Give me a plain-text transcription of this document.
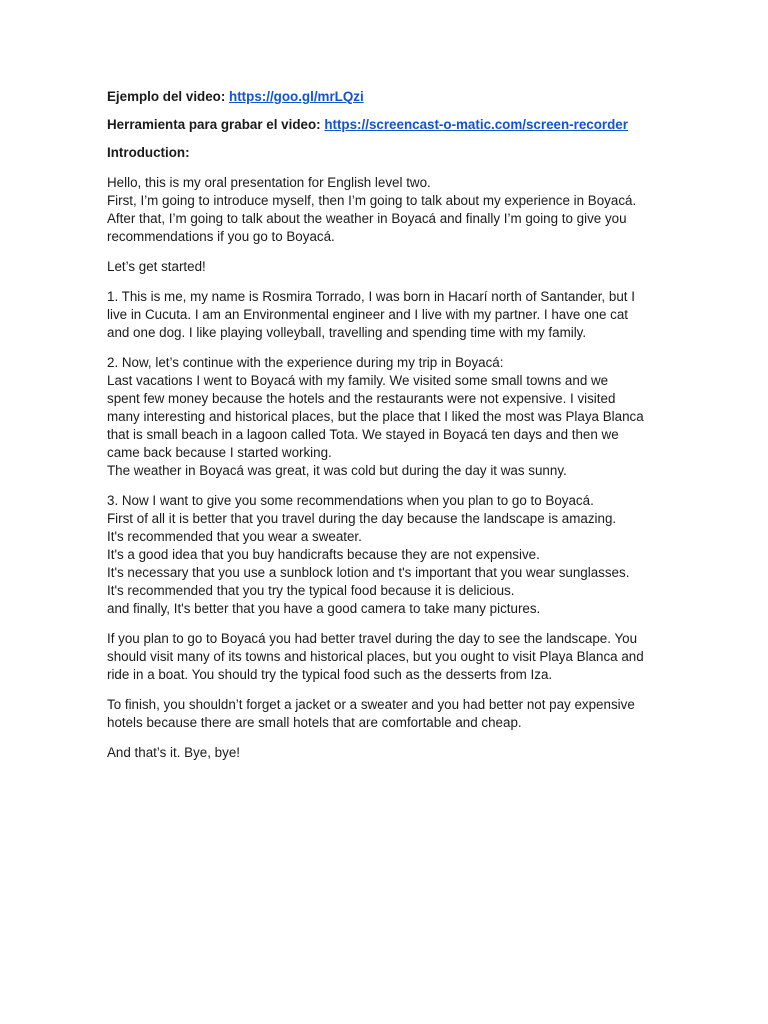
Ejemplo del video: https://goo.gl/mrLQzi
Herramienta para grabar el video: https://screencast-o-matic.com/screen-recorder
Introduction:
Hello, this is my oral presentation for English level two.
First, I’m going to introduce myself, then I’m going to talk about my experience in Boyacá.
After that, I’m going to talk about the weather in Boyacá and finally I’m going to give you
recommendations if you go to Boyacá.
Let’s get started!
1. This is me, my name is Rosmira Torrado, I was born in Hacarí north of Santander, but I
live in Cucuta. I am an Environmental engineer and I live with my partner. I have one cat
and one dog. I like playing volleyball, travelling and spending time with my family.
2. Now, let’s continue with the experience during my trip in Boyacá:
Last vacations I went to Boyacá with my family. We visited some small towns and we
spent few money because the hotels and the restaurants were not expensive. I visited
many interesting and historical places, but the place that I liked the most was Playa Blanca
that is small beach in a lagoon called Tota. We stayed in Boyacá ten days and then we
came back because I started working.
The weather in Boyacá was great, it was cold but during the day it was sunny.
3. Now I want to give you some recommendations when you plan to go to Boyacá.
First of all it is better that you travel during the day because the landscape is amazing.
It's recommended that you wear a sweater.
It's a good idea that you buy handicrafts because they are not expensive.
It's necessary that you use a sunblock lotion and t's important that you wear sunglasses.
It's recommended that you try the typical food because it is delicious.
and finally, It's better that you have a good camera to take many pictures.
If you plan to go to Boyacá you had better travel during the day to see the landscape. You
should visit many of its towns and historical places, but you ought to visit Playa Blanca and
ride in a boat. You should try the typical food such as the desserts from Iza.
To finish, you shouldn’t forget a jacket or a sweater and you had better not pay expensive
hotels because there are small hotels that are comfortable and cheap.
And that’s it. Bye, bye!
